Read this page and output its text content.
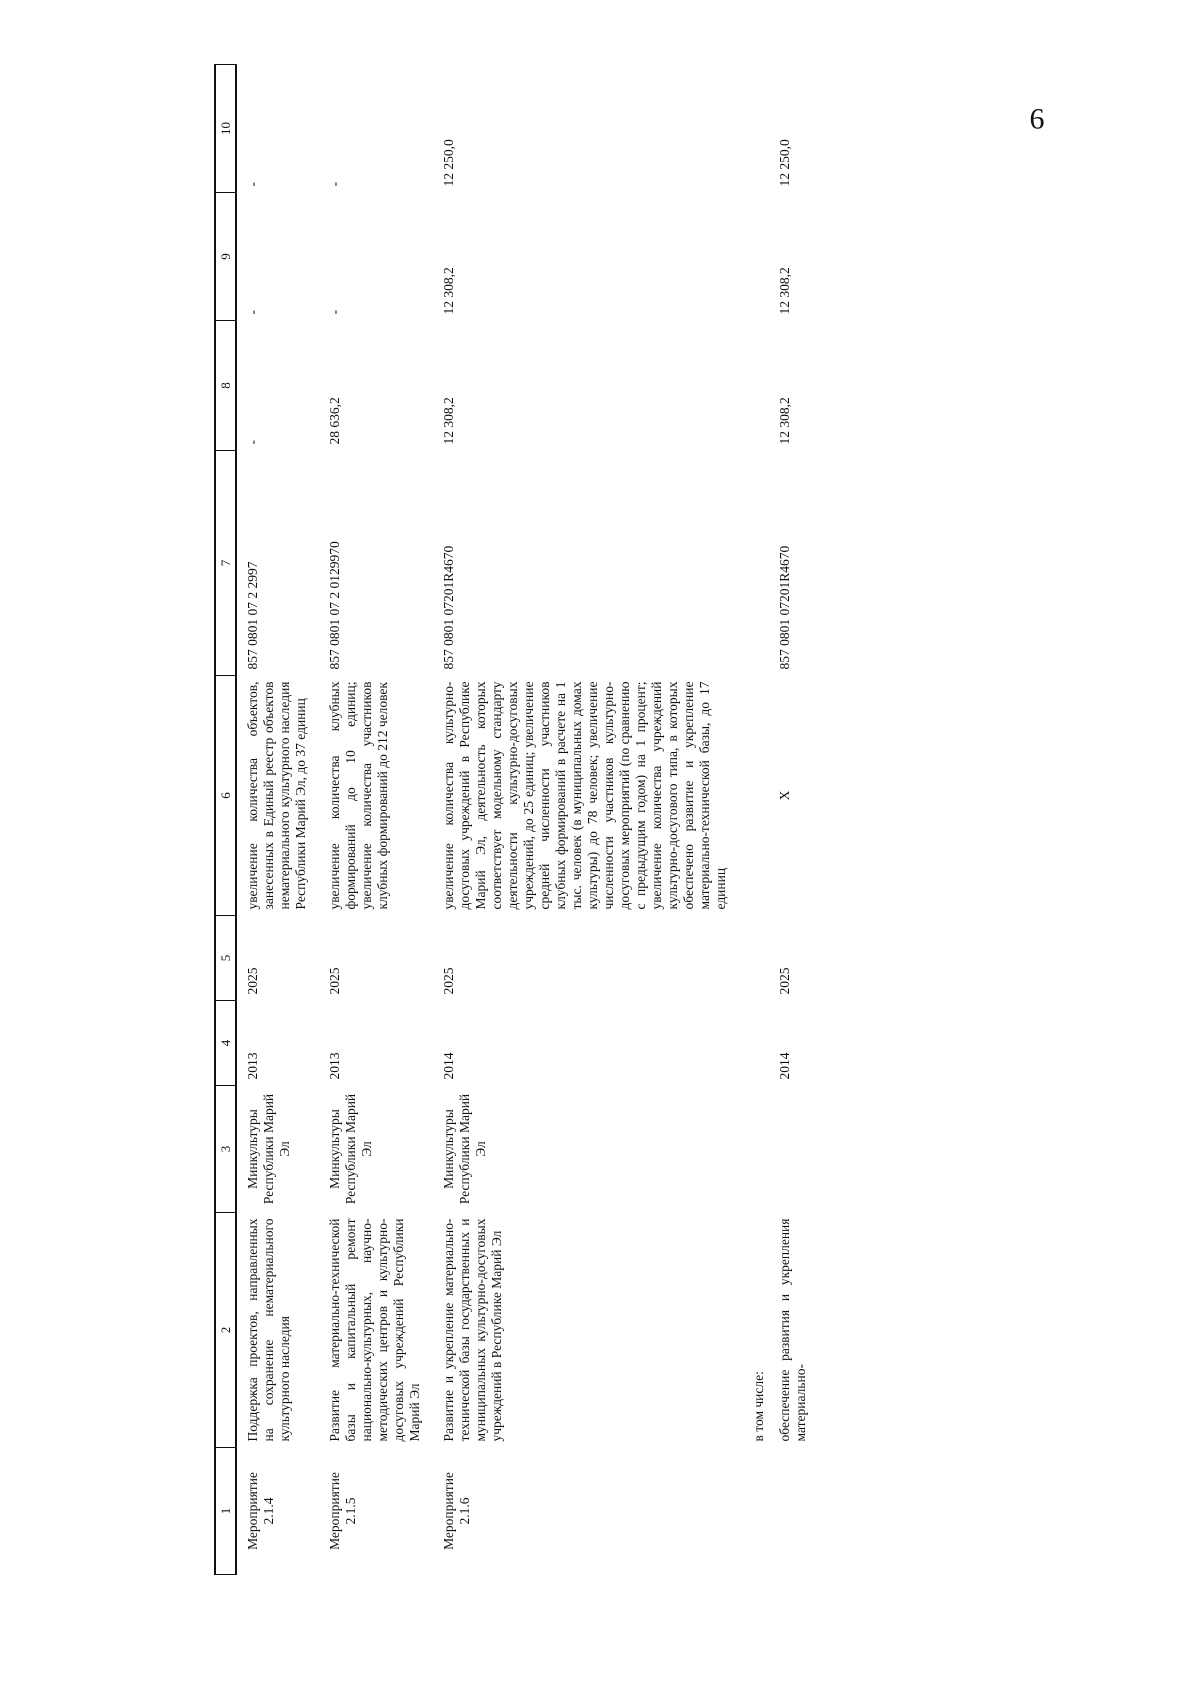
6
1	2	3	4	5	6	7	8	9	10
Мероприятие
2.1.4	Поддержка проектов, направленных на сохранение нематериального культурного наследия	Минкультуры Республики Марий Эл	2013	2025	увеличение количества объектов, занесенных в Единый реестр объектов нематериального культурного наследия Республики Марий Эл, до 37 единиц	857 0801 07 2 2997	-	-	-
Мероприятие
2.1.5	Развитие материально-технической базы и капитальный ремонт национально-культурных, научно-методических центров и культурно-досуговых учреждений Республики Марий Эл	Минкультуры Республики Марий Эл	2013	2025	увеличение количества клубных формирований до 10 единиц; увеличение количества участников клубных формирований до 212 человек	857 0801 07 2 0129970	28 636,2	-	-
Мероприятие
2.1.6	Развитие и укрепление материально-технической базы государственных и муниципальных культурно-досуговых учреждений в Республике Марий Эл	Минкультуры Республики Марий Эл	2014	2025	увеличение количества культурно-досуговых учреждений в Республике Марий Эл, деятельность которых соответствует модельному стандарту деятельности культурно-досуговых учреждений, до 25 единиц; увеличение средней численности участников клубных формирований в расчете на 1 тыс. человек (в муниципальных домах культуры) до 78 человек; увеличение численности участников культурно-досуговых мероприятий (по сравнению с предыдущим годом) на 1 процент; увеличение количества учреждений культурно-досугового типа, в которых обеспечено развитие и укрепление материально-технической базы, до 17 единиц	857 0801 07201R4670	12 308,2	12 308,2	12 250,0
	в том числе:								
	обеспечение развития и укрепления материально-		2014	2025	Х	857 0801 07201R4670	12 308,2	12 308,2	12 250,0
